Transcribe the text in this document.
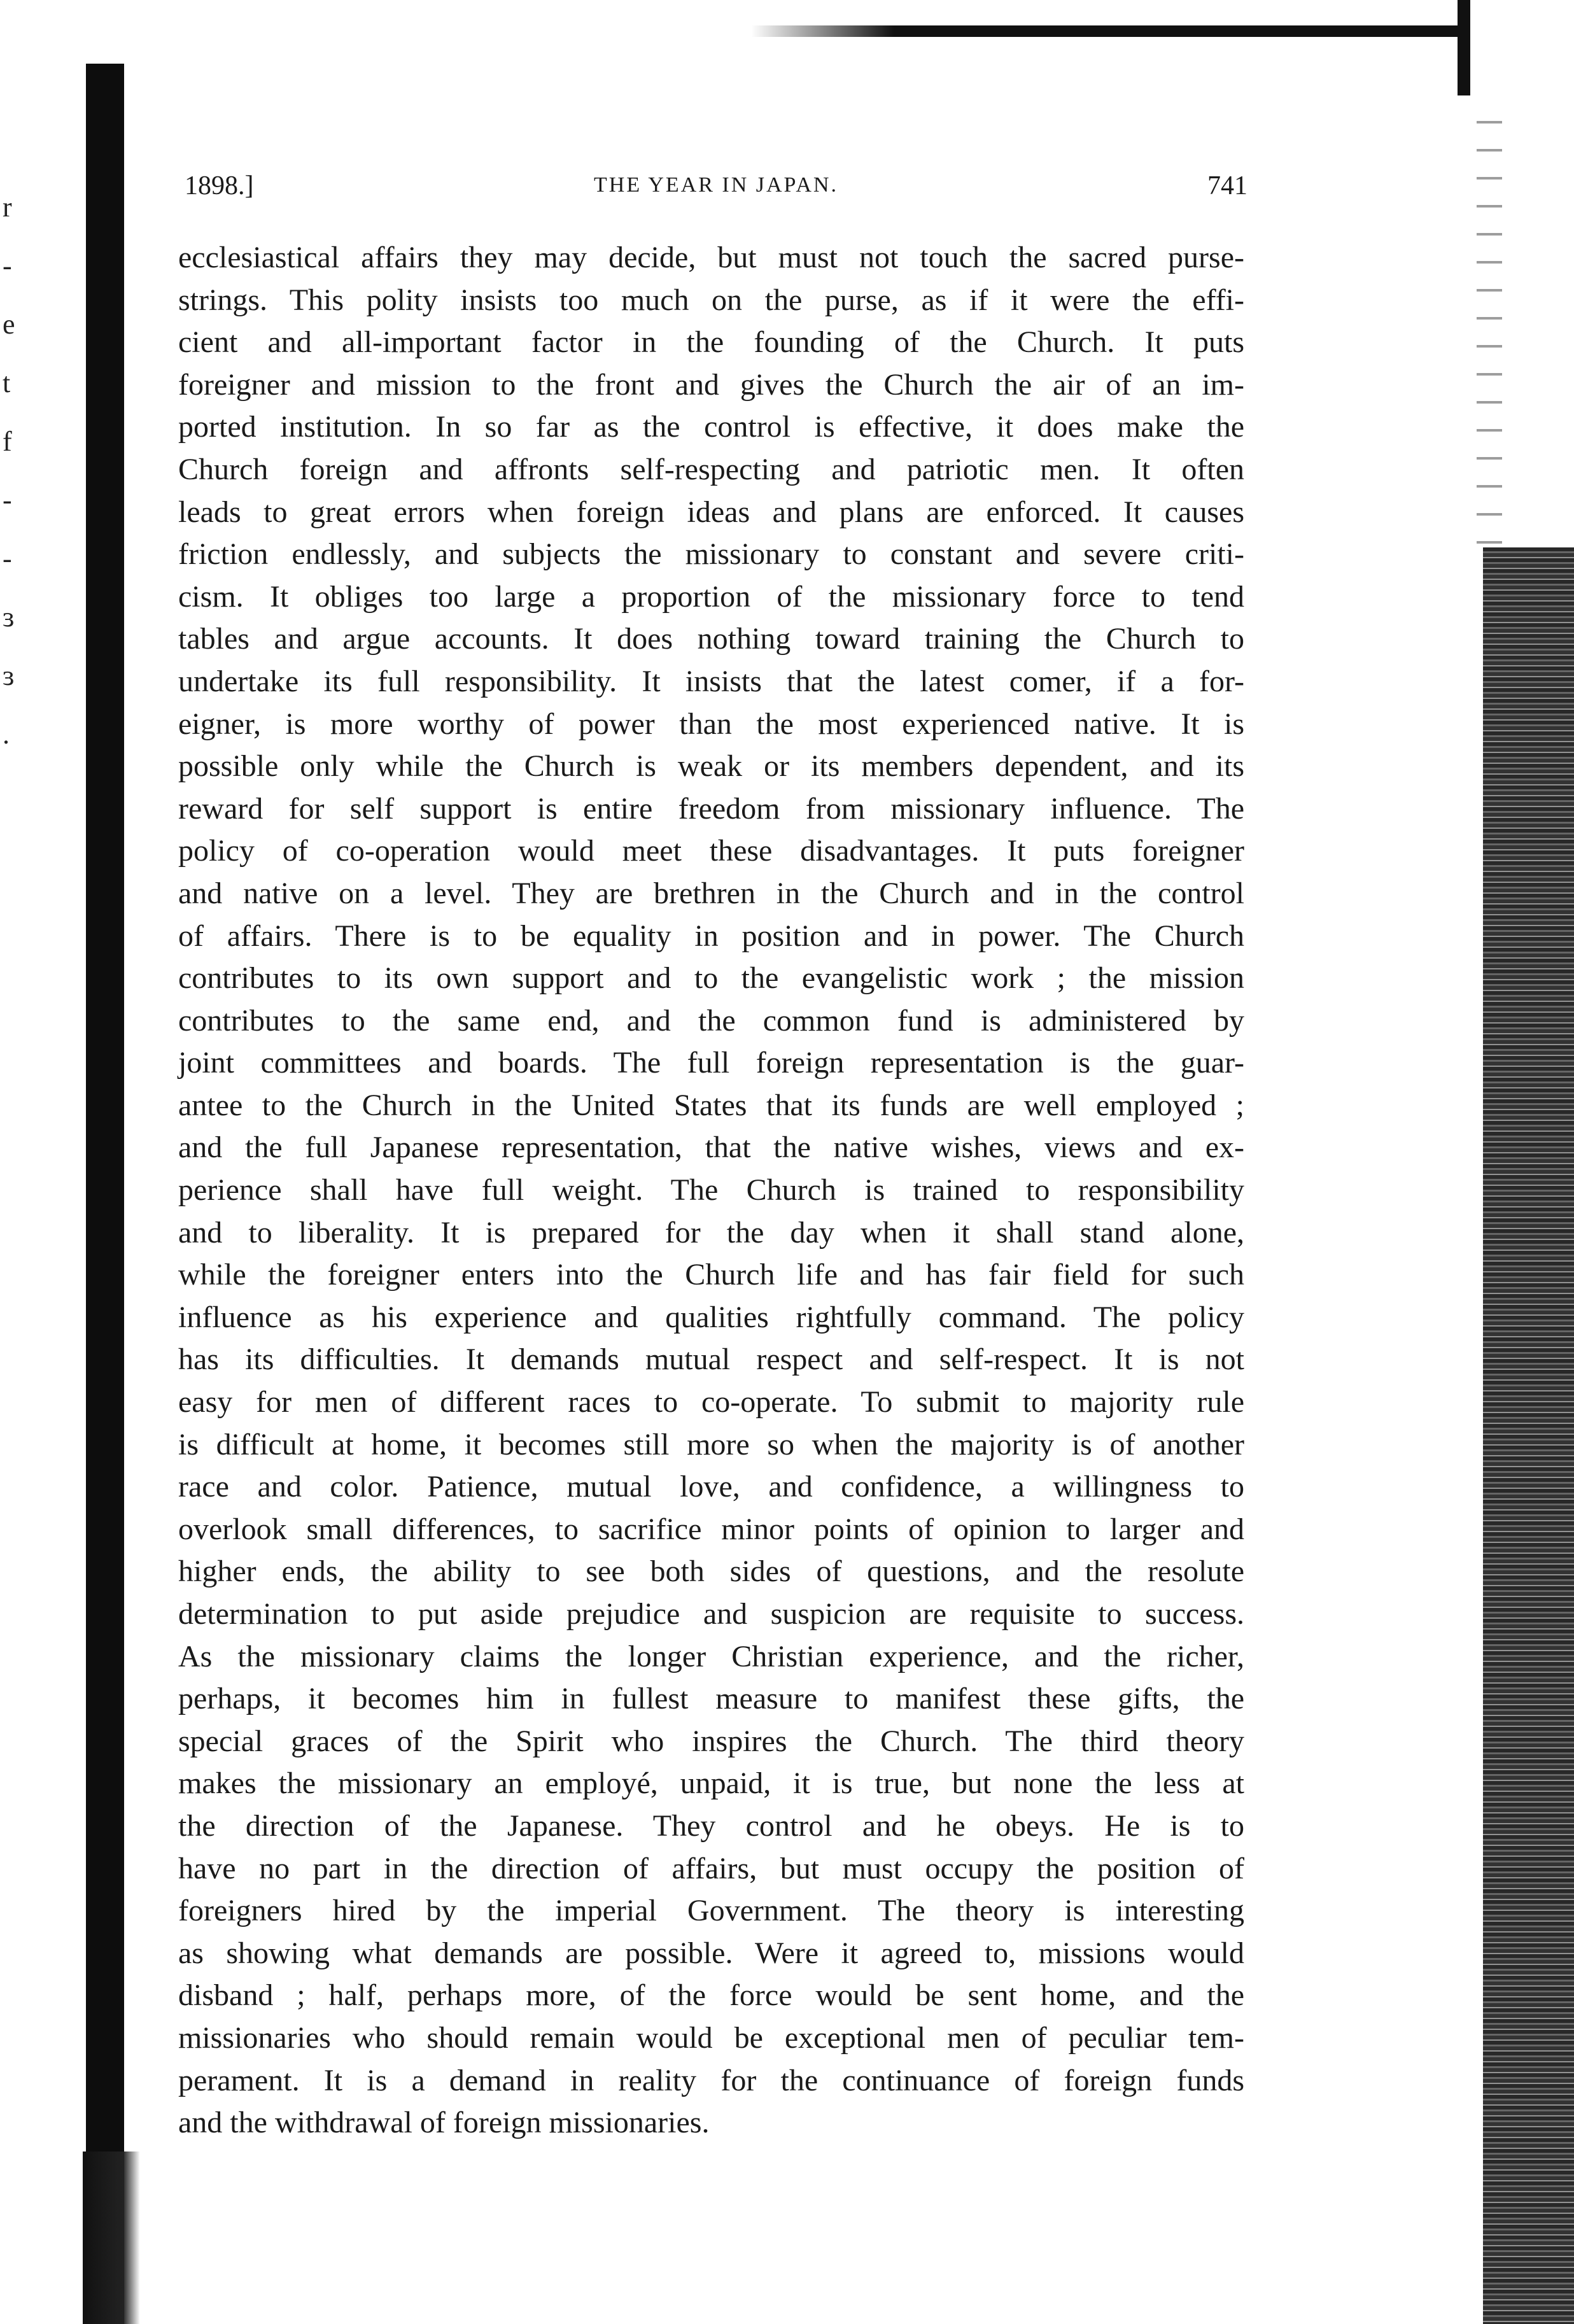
r
-
e
t
f
-
-
ɜ
ɜ
.
1898.]	THE YEAR IN JAPAN.	741
ecclesiastical affairs they may decide, but must not touch the sacred purse-
strings. This polity insists too much on the purse, as if it were the effi-
cient and all-important factor in the founding of the Church. It puts
foreigner and mission to the front and gives the Church the air of an im-
ported institution. In so far as the control is effective, it does make the
Church foreign and affronts self-respecting and patriotic men. It often
leads to great errors when foreign ideas and plans are enforced. It causes
friction endlessly, and subjects the missionary to constant and severe criti-
cism. It obliges too large a proportion of the missionary force to tend
tables and argue accounts. It does nothing toward training the Church to
undertake its full responsibility. It insists that the latest comer, if a for-
eigner, is more worthy of power than the most experienced native. It is
possible only while the Church is weak or its members dependent, and its
reward for self support is entire freedom from missionary influence. The
policy of co-operation would meet these disadvantages. It puts foreigner
and native on a level. They are brethren in the Church and in the control
of affairs. There is to be equality in position and in power. The Church
contributes to its own support and to the evangelistic work ; the mission
contributes to the same end, and the common fund is administered by
joint committees and boards. The full foreign representation is the guar-
antee to the Church in the United States that its funds are well employed ;
and the full Japanese representation, that the native wishes, views and ex-
perience shall have full weight. The Church is trained to responsibility
and to liberality. It is prepared for the day when it shall stand alone,
while the foreigner enters into the Church life and has fair field for such
influence as his experience and qualities rightfully command. The policy
has its difficulties. It demands mutual respect and self-respect. It is not
easy for men of different races to co-operate. To submit to majority rule
is difficult at home, it becomes still more so when the majority is of another
race and color. Patience, mutual love, and confidence, a willingness to
overlook small differences, to sacrifice minor points of opinion to larger and
higher ends, the ability to see both sides of questions, and the resolute
determination to put aside prejudice and suspicion are requisite to success.
As the missionary claims the longer Christian experience, and the richer,
perhaps, it becomes him in fullest measure to manifest these gifts, the
special graces of the Spirit who inspires the Church. The third theory
makes the missionary an employé, unpaid, it is true, but none the less at
the direction of the Japanese. They control and he obeys. He is to
have no part in the direction of affairs, but must occupy the position of
foreigners hired by the imperial Government. The theory is interesting
as showing what demands are possible. Were it agreed to, missions would
disband ; half, perhaps more, of the force would be sent home, and the
missionaries who should remain would be exceptional men of peculiar tem-
perament. It is a demand in reality for the continuance of foreign funds
and the withdrawal of foreign missionaries.
